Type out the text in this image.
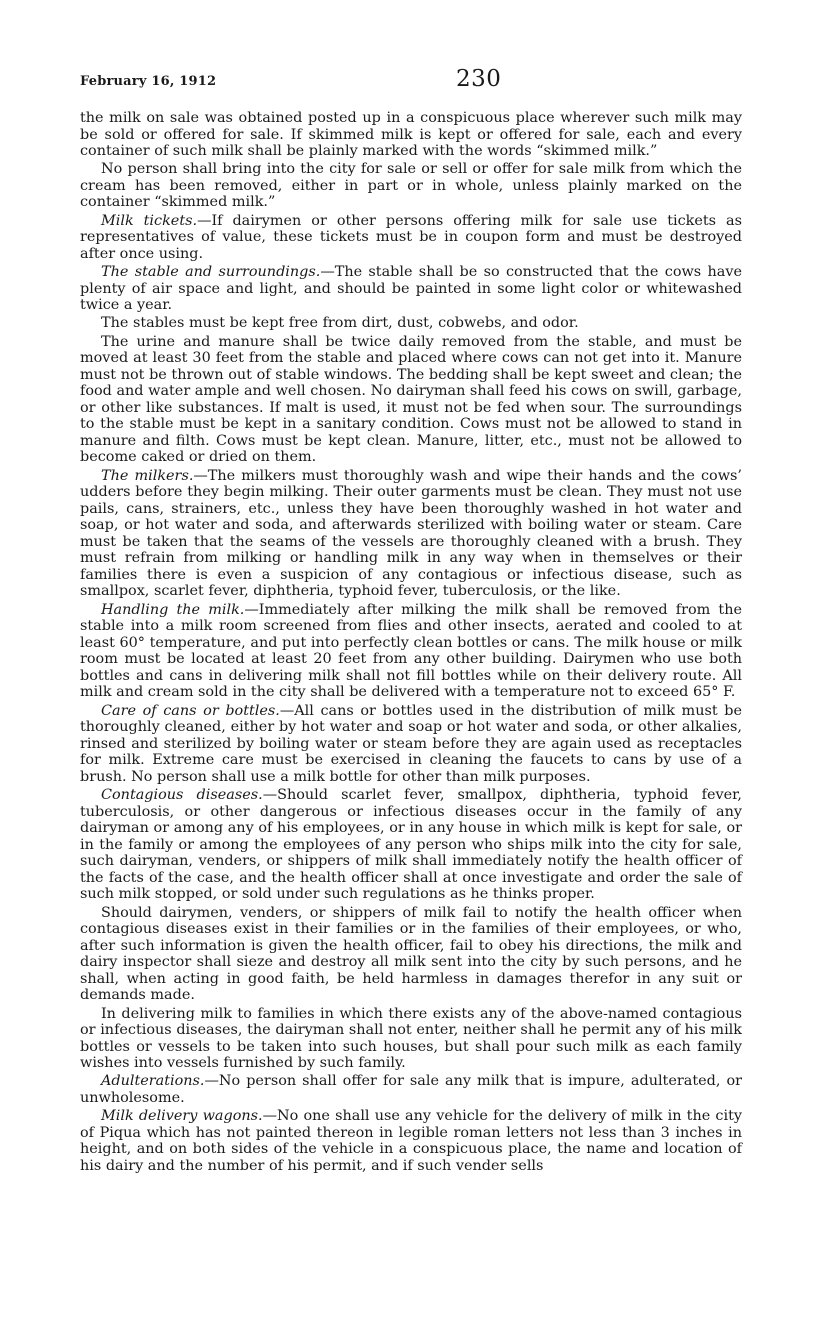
February 16, 1912	230

the milk on sale was obtained posted up in a conspicuous place wherever such milk may be sold or offered for sale. If skimmed milk is kept or offered for sale, each and every container of such milk shall be plainly marked with the words “skimmed milk.”

No person shall bring into the city for sale or sell or offer for sale milk from which the cream has been removed, either in part or in whole, unless plainly marked on the container “skimmed milk.”

Milk tickets.—If dairymen or other persons offering milk for sale use tickets as representatives of value, these tickets must be in coupon form and must be destroyed after once using.

The stable and surroundings.—The stable shall be so constructed that the cows have plenty of air space and light, and should be painted in some light color or whitewashed twice a year.

The stables must be kept free from dirt, dust, cobwebs, and odor.

The urine and manure shall be twice daily removed from the stable, and must be moved at least 30 feet from the stable and placed where cows can not get into it. Manure must not be thrown out of stable windows. The bedding shall be kept sweet and clean; the food and water ample and well chosen. No dairyman shall feed his cows on swill, garbage, or other like substances. If malt is used, it must not be fed when sour. The surroundings to the stable must be kept in a sanitary condition. Cows must not be allowed to stand in manure and filth. Cows must be kept clean. Manure, litter, etc., must not be allowed to become caked or dried on them.

The milkers.—The milkers must thoroughly wash and wipe their hands and the cows’ udders before they begin milking. Their outer garments must be clean. They must not use pails, cans, strainers, etc., unless they have been thoroughly washed in hot water and soap, or hot water and soda, and afterwards sterilized with boiling water or steam. Care must be taken that the seams of the vessels are thoroughly cleaned with a brush. They must refrain from milking or handling milk in any way when in themselves or their families there is even a suspicion of any contagious or infectious disease, such as smallpox, scarlet fever, diphtheria, typhoid fever, tuberculosis, or the like.

Handling the milk.—Immediately after milking the milk shall be removed from the stable into a milk room screened from flies and other insects, aerated and cooled to at least 60° temperature, and put into perfectly clean bottles or cans. The milk house or milk room must be located at least 20 feet from any other building. Dairymen who use both bottles and cans in delivering milk shall not fill bottles while on their delivery route. All milk and cream sold in the city shall be delivered with a temperature not to exceed 65° F.

Care of cans or bottles.—All cans or bottles used in the distribution of milk must be thoroughly cleaned, either by hot water and soap or hot water and soda, or other alkalies, rinsed and sterilized by boiling water or steam before they are again used as receptacles for milk. Extreme care must be exercised in cleaning the faucets to cans by use of a brush. No person shall use a milk bottle for other than milk purposes.

Contagious diseases.—Should scarlet fever, smallpox, diphtheria, typhoid fever, tuberculosis, or other dangerous or infectious diseases occur in the family of any dairyman or among any of his employees, or in any house in which milk is kept for sale, or in the family or among the employees of any person who ships milk into the city for sale, such dairyman, venders, or shippers of milk shall immediately notify the health officer of the facts of the case, and the health officer shall at once investigate and order the sale of such milk stopped, or sold under such regulations as he thinks proper.

Should dairymen, venders, or shippers of milk fail to notify the health officer when contagious diseases exist in their families or in the families of their employees, or who, after such information is given the health officer, fail to obey his directions, the milk and dairy inspector shall sieze and destroy all milk sent into the city by such persons, and he shall, when acting in good faith, be held harmless in damages therefor in any suit or demands made.

In delivering milk to families in which there exists any of the above-named contagious or infectious diseases, the dairyman shall not enter, neither shall he permit any of his milk bottles or vessels to be taken into such houses, but shall pour such milk as each family wishes into vessels furnished by such family.

Adulterations.—No person shall offer for sale any milk that is impure, adulterated, or unwholesome.

Milk delivery wagons.—No one shall use any vehicle for the delivery of milk in the city of Piqua which has not painted thereon in legible roman letters not less than 3 inches in height, and on both sides of the vehicle in a conspicuous place, the name and location of his dairy and the number of his permit, and if such vender sells
